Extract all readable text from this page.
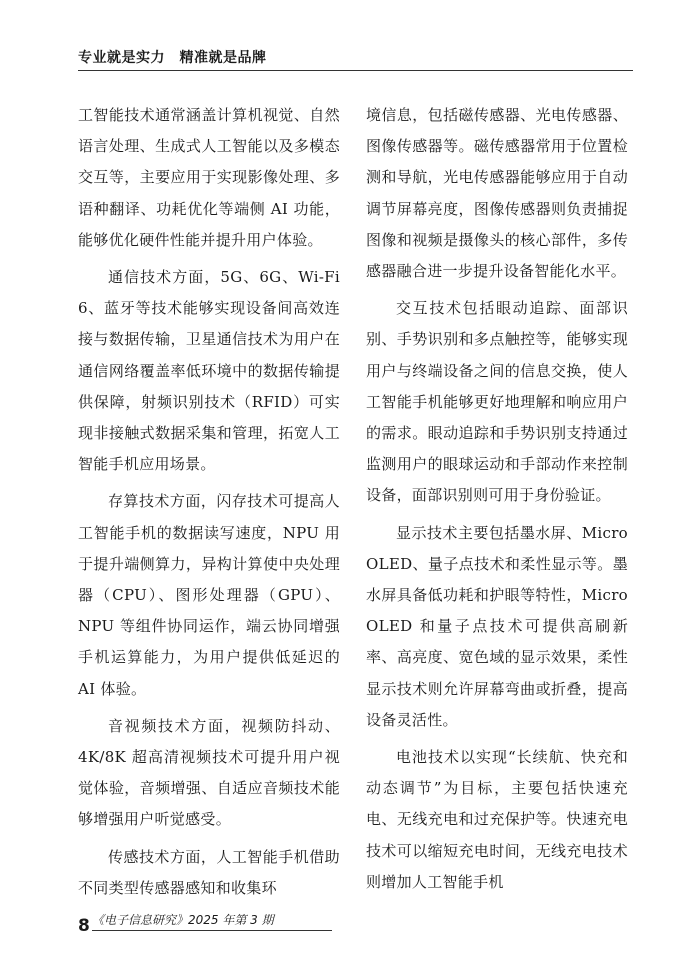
专业就是实力　精准就是品牌

工智能技术通常涵盖计算机视觉、自然语言处理、生成式人工智能以及多模态交互等，主要应用于实现影像处理、多语种翻译、功耗优化等端侧 AI 功能，能够优化硬件性能并提升用户体验。

通信技术方面，5G、6G、Wi-Fi 6、蓝牙等技术能够实现设备间高效连接与数据传输，卫星通信技术为用户在通信网络覆盖率低环境中的数据传输提供保障，射频识别技术（RFID）可实现非接触式数据采集和管理，拓宽人工智能手机应用场景。

存算技术方面，闪存技术可提高人工智能手机的数据读写速度，NPU 用于提升端侧算力，异构计算使中央处理器（CPU）、图形处理器（GPU）、NPU 等组件协同运作，端云协同增强手机运算能力，为用户提供低延迟的 AI 体验。

音视频技术方面，视频防抖动、4K/8K 超高清视频技术可提升用户视觉体验，音频增强、自适应音频技术能够增强用户听觉感受。

传感技术方面，人工智能手机借助不同类型传感器感知和收集环

境信息，包括磁传感器、光电传感器、图像传感器等。磁传感器常用于位置检测和导航，光电传感器能够应用于自动调节屏幕亮度，图像传感器则负责捕捉图像和视频是摄像头的核心部件，多传感器融合进一步提升设备智能化水平。

交互技术包括眼动追踪、面部识别、手势识别和多点触控等，能够实现用户与终端设备之间的信息交换，使人工智能手机能够更好地理解和响应用户的需求。眼动追踪和手势识别支持通过监测用户的眼球运动和手部动作来控制设备，面部识别则可用于身份验证。

显示技术主要包括墨水屏、Micro OLED、量子点技术和柔性显示等。墨水屏具备低功耗和护眼等特性，Micro OLED 和量子点技术可提供高刷新率、高亮度、宽色域的显示效果，柔性显示技术则允许屏幕弯曲或折叠，提高设备灵活性。

电池技术以实现“长续航、快充和动态调节”为目标，主要包括快速充电、无线充电和过充保护等。快速充电技术可以缩短充电时间，无线充电技术则增加人工智能手机

8 《电子信息研究》2025 年第 3 期
